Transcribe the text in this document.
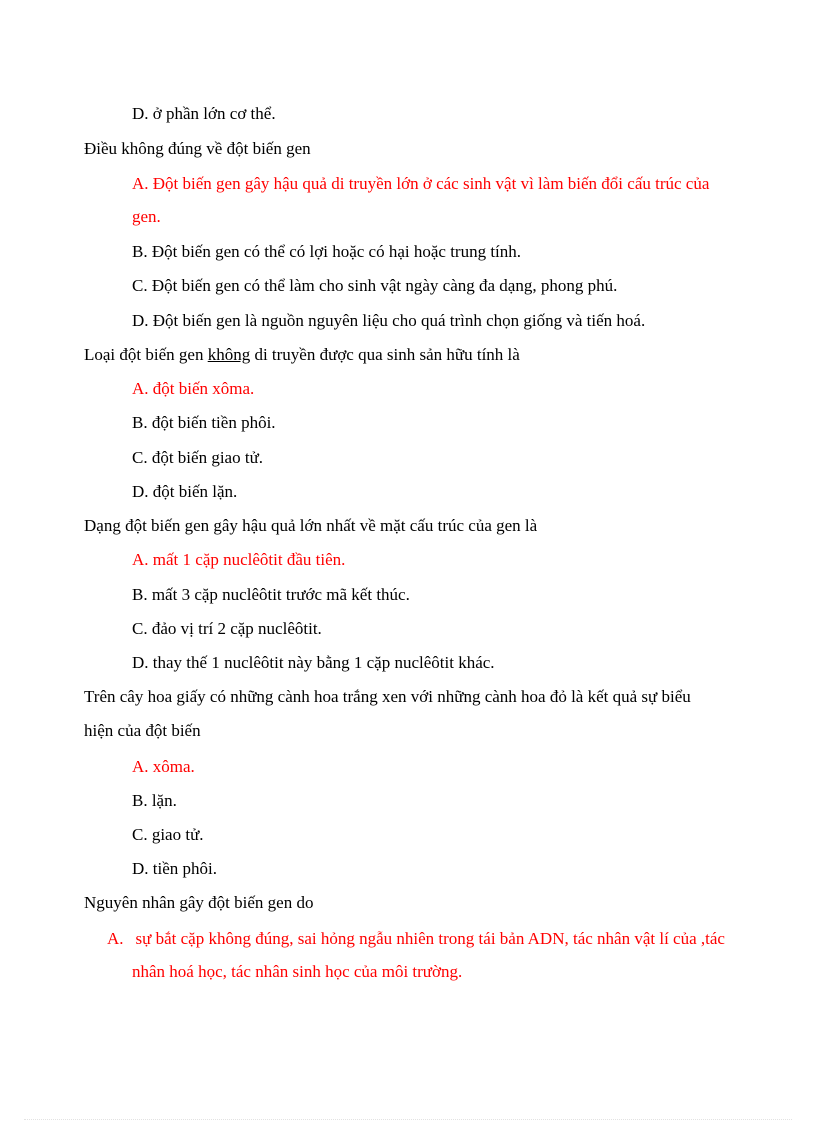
D. ở phần lớn cơ thể.
Điều không đúng về đột biến gen
A. Đột biến gen gây hậu quả di truyền lớn ở các sinh vật vì làm biến đổi cấu trúc của
gen.
B. Đột biến gen có thể có lợi hoặc có hại hoặc trung tính.
C. Đột biến gen có thể làm cho sinh vật ngày càng đa dạng, phong phú.
D. Đột biến gen là nguồn nguyên liệu cho quá trình chọn giống và tiến hoá.
Loại đột biến gen không di truyền được qua sinh sản hữu tính là
A. đột biến xôma.
B. đột biến tiền phôi.
C. đột biến giao tử.
D. đột biến lặn.
Dạng đột biến gen gây hậu quả lớn nhất về mặt cấu trúc của gen là
A. mất 1 cặp nuclêôtit đầu tiên.
B. mất 3 cặp nuclêôtit trước mã kết thúc.
C. đảo vị trí 2 cặp nuclêôtit.
D. thay thế 1 nuclêôtit này bằng 1 cặp nuclêôtit khác.
Trên cây hoa giấy có những cành hoa trắng xen với những cành hoa đỏ là kết quả sự biểu
hiện của đột biến
A. xôma.
B. lặn.
C. giao tử.
D. tiền phôi.
Nguyên nhân gây đột biến gen do
A. sự bắt cặp không đúng, sai hỏng ngẫu nhiên trong tái bản ADN, tác nhân vật lí của ,tác
nhân hoá học, tác nhân sinh học của môi trường.
